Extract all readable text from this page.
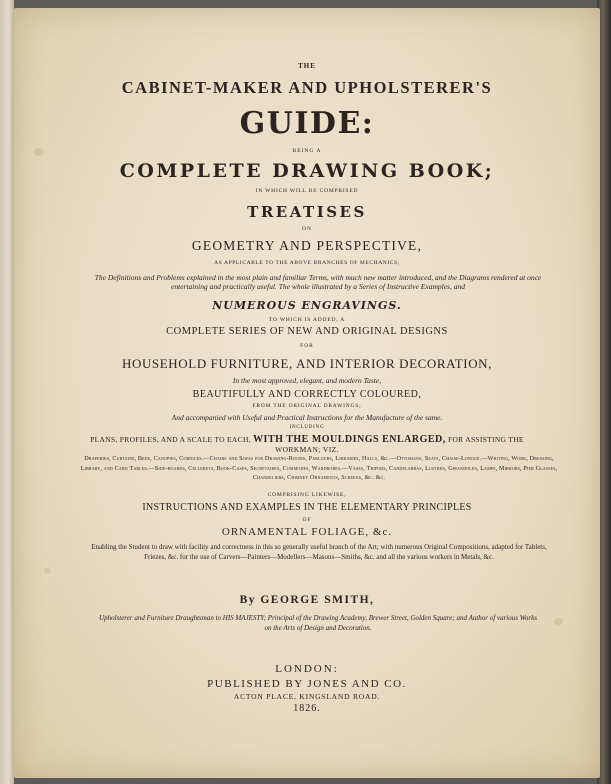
THE
CABINET-MAKER AND UPHOLSTERER'S
GUIDE:
BEING A
COMPLETE DRAWING BOOK;
IN WHICH WILL BE COMPRISED
TREATISES
ON
GEOMETRY AND PERSPECTIVE,
AS APPLICABLE TO THE ABOVE BRANCHES OF MECHANICS;
The Definitions and Problems explained in the most plain and familiar Terms, with much new matter introduced, and the Diagrams rendered at once entertaining and practically useful. The whole illustrated by a Series of Instructive Examples, and
NUMEROUS ENGRAVINGS.
TO WHICH IS ADDED, A
COMPLETE SERIES OF NEW AND ORIGINAL DESIGNS
FOR
HOUSEHOLD FURNITURE, AND INTERIOR DECORATION,
In the most approved, elegant, and modern Taste,
BEAUTIFULLY AND CORRECTLY COLOURED,
FROM THE ORIGINAL DRAWINGS;
And accompanied with Useful and Practical Instructions for the Manufacture of the same.
INCLUDING
PLANS, PROFILES, AND A SCALE TO EACH, WITH THE MOULDINGS ENLARGED, FOR ASSISTING THE
WORKMAN; VIZ.
Draperies, Curtains, Beds, Canopies, Cornices.—Chairs and Sofas for Drawing-Rooms, Parlours, Libraries, Halls, &c.—Ottomans, Seats, Chaise-Longue.—Writing, Work, Dressing, Library, and Card Tables.—Side-boards, Cellerets, Book-Cases, Secretaires, Commodes, Wardrobes.—Vases, Tripods, Candelabras, Lustres, Girandoles, Lamps, Mirrors, Pier Glasses, Chandeliers, Chimney Ornaments, Screens, &c. &c.
COMPRISING LIKEWISE,
INSTRUCTIONS AND EXAMPLES IN THE ELEMENTARY PRINCIPLES
OF
ORNAMENTAL FOLIAGE, &c.
Enabling the Student to draw with facility and correctness in this so generally useful branch of the Art; with numerous Original Compositions, adapted for Tablets, Friezes, &c. for the use of Carvers—Painters—Modellers—Masons—Smiths, &c. and all the various workers in Metals, &c.
By GEORGE SMITH,
Upholsterer and Furniture Draughtsman to HIS MAJESTY; Principal of the Drawing Academy, Brewer Street, Golden Square; and Author of various Works on the Arts of Design and Decoration.
LONDON:
PUBLISHED BY JONES AND CO.
ACTON PLACE, KINGSLAND ROAD.
1826.
